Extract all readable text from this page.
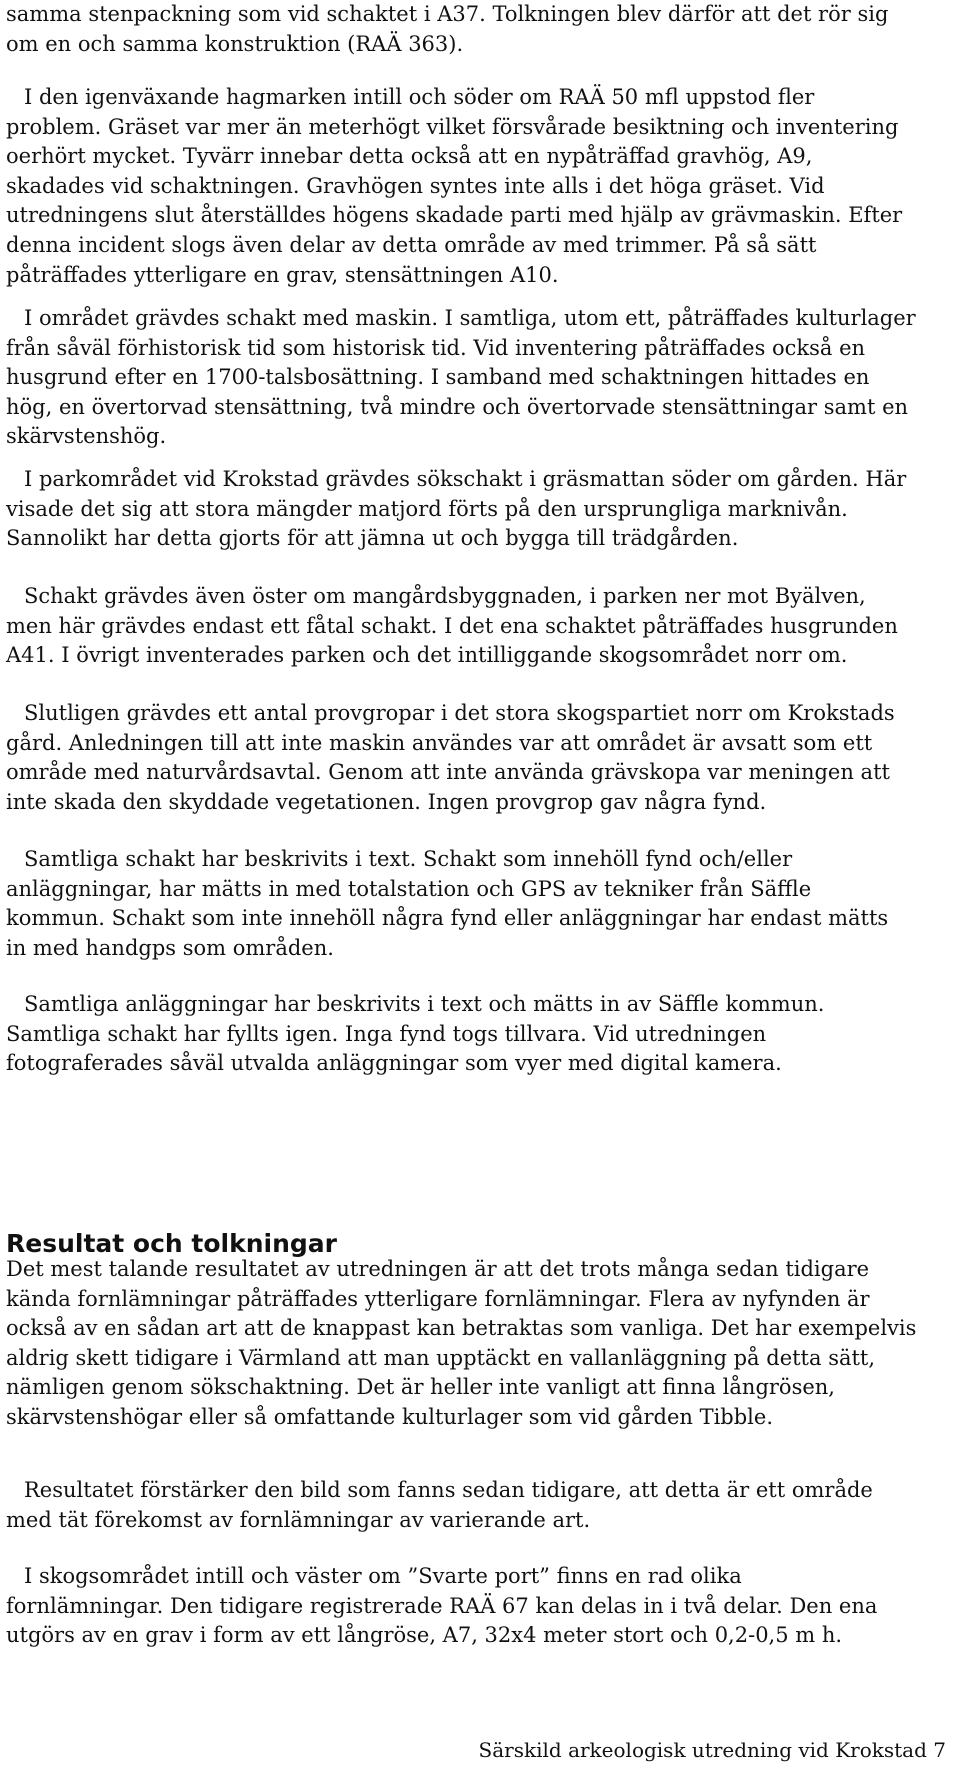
samma stenpackning som vid schaktet i A37. Tolkningen blev därför att det rör sig
om en och samma konstruktion (RAÄ 363).
I den igenväxande hagmarken intill och söder om RAÄ 50 mfl uppstod fler
problem. Gräset var mer än meterhögt vilket försvårade besiktning och inventering
oerhört mycket. Tyvärr innebar detta också att en nypåträffad gravhög, A9,
skadades vid schaktningen. Gravhögen syntes inte alls i det höga gräset. Vid
utredningens slut återställdes högens skadade parti med hjälp av grävmaskin. Efter
denna incident slogs även delar av detta område av med trimmer. På så sätt
påträffades ytterligare en grav, stensättningen A10.
I området grävdes schakt med maskin. I samtliga, utom ett, påträffades kulturlager
från såväl förhistorisk tid som historisk tid. Vid inventering påträffades också en
husgrund efter en 1700-talsbosättning. I samband med schaktningen hittades en
hög, en övertorvad stensättning, två mindre och övertorvade stensättningar samt en
skärvstenshög.
I parkområdet vid Krokstad grävdes sökschakt i gräsmattan söder om gården. Här
visade det sig att stora mängder matjord förts på den ursprungliga marknivån.
Sannolikt har detta gjorts för att jämna ut och bygga till trädgården.
Schakt grävdes även öster om mangårdsbyggnaden, i parken ner mot Byälven,
men här grävdes endast ett fåtal schakt. I det ena schaktet påträffades husgrunden
A41. I övrigt inventerades parken och det intilliggande skogsområdet norr om.
Slutligen grävdes ett antal provgropar i det stora skogspartiet norr om Krokstads
gård. Anledningen till att inte maskin användes var att området är avsatt som ett
område med naturvårdsavtal. Genom att inte använda grävskopa var meningen att
inte skada den skyddade vegetationen. Ingen provgrop gav några fynd.
Samtliga schakt har beskrivits i text. Schakt som innehöll fynd och/eller
anläggningar, har mätts in med totalstation och GPS av tekniker från Säffle
kommun. Schakt som inte innehöll några fynd eller anläggningar har endast mätts
in med handgps som områden.
Samtliga anläggningar har beskrivits i text och mätts in av Säffle kommun.
Samtliga schakt har fyllts igen. Inga fynd togs tillvara. Vid utredningen
fotograferades såväl utvalda anläggningar som vyer med digital kamera.
Det mest talande resultatet av utredningen är att det trots många sedan tidigare
kända fornlämningar påträffades ytterligare fornlämningar. Flera av nyfynden är
också av en sådan art att de knappast kan betraktas som vanliga. Det har exempelvis
aldrig skett tidigare i Värmland att man upptäckt en vallanläggning på detta sätt,
nämligen genom sökschaktning. Det är heller inte vanligt att finna långrösen,
skärvstenshögar eller så omfattande kulturlager som vid gården Tibble.
Resultatet förstärker den bild som fanns sedan tidigare, att detta är ett område
med tät förekomst av fornlämningar av varierande art.
I skogsområdet intill och väster om ”Svarte port” finns en rad olika
fornlämningar. Den tidigare registrerade RAÄ 67 kan delas in i två delar. Den ena
utgörs av en grav i form av ett långröse, A7, 32x4 meter stort och 0,2-0,5 m h.
Resultat och tolkningar
Särskild arkeologisk utredning vid Krokstad 7
